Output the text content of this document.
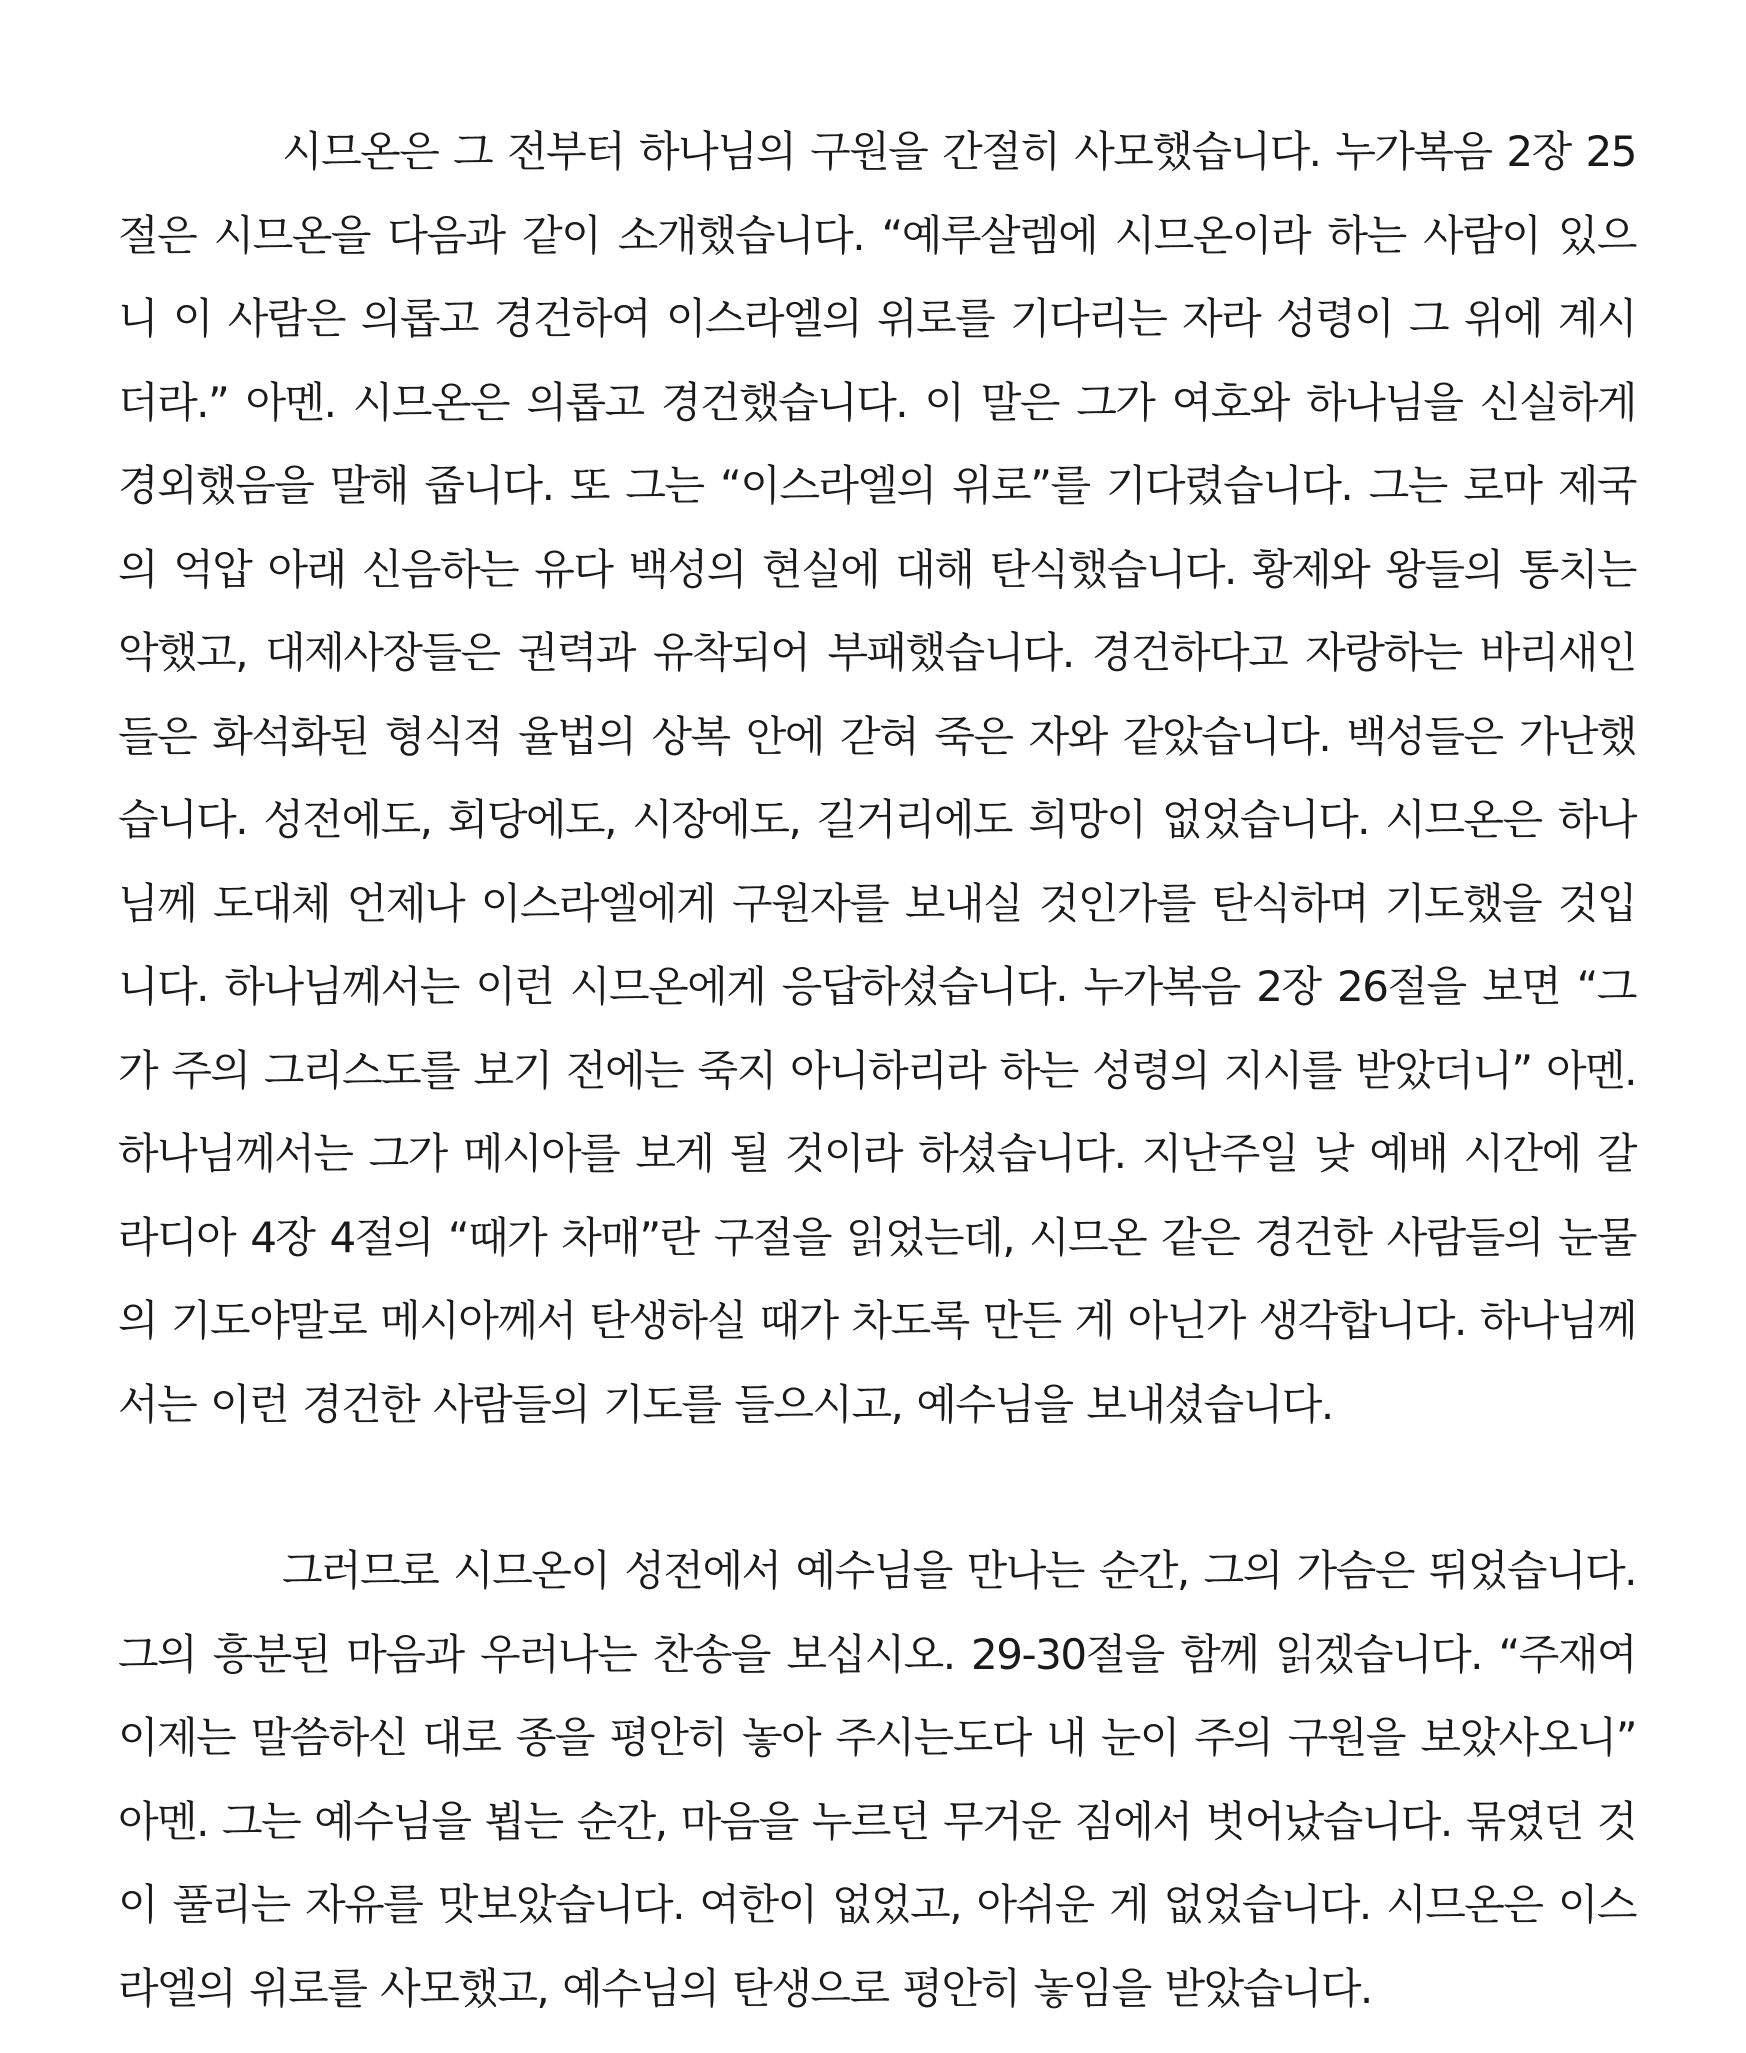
시므온은 그 전부터 하나님의 구원을 간절히 사모했습니다. 누가복음 2장 25절은 시므온을 다음과 같이 소개했습니다. “예루살렘에 시므온이라 하는 사람이 있으니 이 사람은 의롭고 경건하여 이스라엘의 위로를 기다리는 자라 성령이 그 위에 계시더라.” 아멘. 시므온은 의롭고 경건했습니다. 이 말은 그가 여호와 하나님을 신실하게 경외했음을 말해 줍니다. 또 그는 “이스라엘의 위로”를 기다렸습니다. 그는 로마 제국의 억압 아래 신음하는 유다 백성의 현실에 대해 탄식했습니다. 황제와 왕들의 통치는 악했고, 대제사장들은 권력과 유착되어 부패했습니다. 경건하다고 자랑하는 바리새인들은 화석화된 형식적 율법의 상복 안에 갇혀 죽은 자와 같았습니다. 백성들은 가난했습니다. 성전에도, 회당에도, 시장에도, 길거리에도 희망이 없었습니다. 시므온은 하나님께 도대체 언제나 이스라엘에게 구원자를 보내실 것인가를 탄식하며 기도했을 것입니다. 하나님께서는 이런 시므온에게 응답하셨습니다. 누가복음 2장 26절을 보면 “그가 주의 그리스도를 보기 전에는 죽지 아니하리라 하는 성령의 지시를 받았더니” 아멘. 하나님께서는 그가 메시아를 보게 될 것이라 하셨습니다. 지난주일 낮 예배 시간에 갈라디아 4장 4절의 “때가 차매”란 구절을 읽었는데, 시므온 같은 경건한 사람들의 눈물의 기도야말로 메시아께서 탄생하실 때가 차도록 만든 게 아닌가 생각합니다. 하나님께서는 이런 경건한 사람들의 기도를 들으시고, 예수님을 보내셨습니다.

그러므로 시므온이 성전에서 예수님을 만나는 순간, 그의 가슴은 뛰었습니다. 그의 흥분된 마음과 우러나는 찬송을 보십시오. 29-30절을 함께 읽겠습니다. “주재여 이제는 말씀하신 대로 종을 평안히 놓아 주시는도다 내 눈이 주의 구원을 보았사오니” 아멘. 그는 예수님을 뵙는 순간, 마음을 누르던 무거운 짐에서 벗어났습니다. 묶였던 것이 풀리는 자유를 맛보았습니다. 여한이 없었고, 아쉬운 게 없었습니다. 시므온은 이스라엘의 위로를 사모했고, 예수님의 탄생으로 평안히 놓임을 받았습니다.
